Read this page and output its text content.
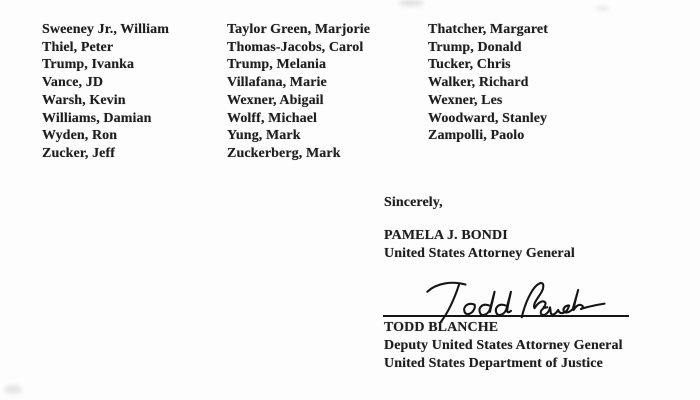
Sweeney Jr., William
Thiel, Peter
Trump, Ivanka
Vance, JD
Warsh, Kevin
Williams, Damian
Wyden, Ron
Zucker, Jeff
Taylor Green, Marjorie
Thomas-Jacobs, Carol
Trump, Melania
Villafana, Marie
Wexner, Abigail
Wolff, Michael
Yung, Mark
Zuckerberg, Mark
Thatcher, Margaret
Trump, Donald
Tucker, Chris
Walker, Richard
Wexner, Les
Woodward, Stanley
Zampolli, Paolo
Sincerely,
PAMELA J. BONDI
United States Attorney General
TODD BLANCHE
Deputy United States Attorney General
United States Department of Justice
